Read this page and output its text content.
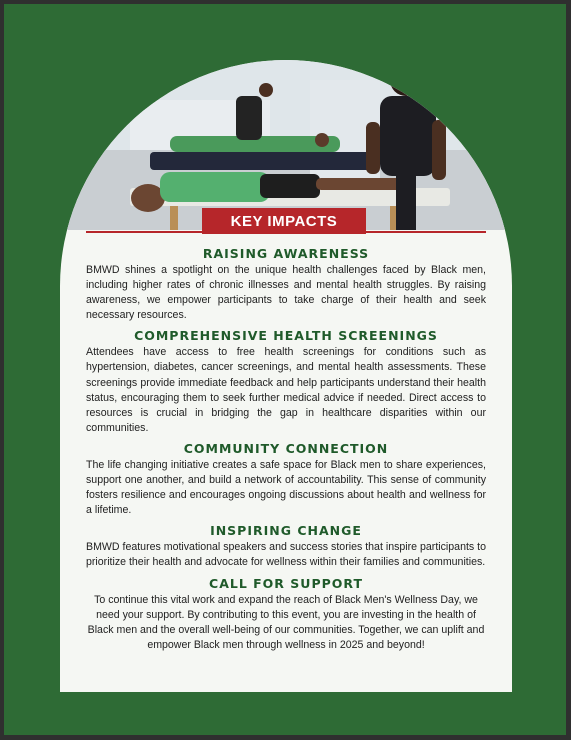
KEY IMPACTS
RAISING AWARENESS

BMWD shines a spotlight on the unique health challenges faced by Black men, including higher rates of chronic illnesses and mental health struggles. By raising awareness, we empower participants to take charge of their health and seek necessary resources.

COMPREHENSIVE HEALTH SCREENINGS

Attendees have access to free health screenings for conditions such as hypertension, diabetes, cancer screenings, and mental health assessments. These screenings provide immediate feedback and help participants understand their health status, encouraging them to seek further medical advice if needed. Direct access to resources is crucial in bridging the gap in healthcare disparities within our communities.

COMMUNITY CONNECTION

The life changing initiative creates a safe space for Black men to share experiences, support one another, and build a network of accountability. This sense of community fosters resilience and encourages ongoing discussions about health and wellness for a lifetime.

INSPIRING CHANGE

BMWD features motivational speakers and success stories that inspire participants to prioritize their health and advocate for wellness within their families and communities.

CALL FOR SUPPORT

To continue this vital work and expand the reach of Black Men's Wellness Day, we need your support. By contributing to this event, you are investing in the health of Black men and the overall well-being of our communities. Together, we can uplift and empower Black men through wellness in 2025 and beyond!
